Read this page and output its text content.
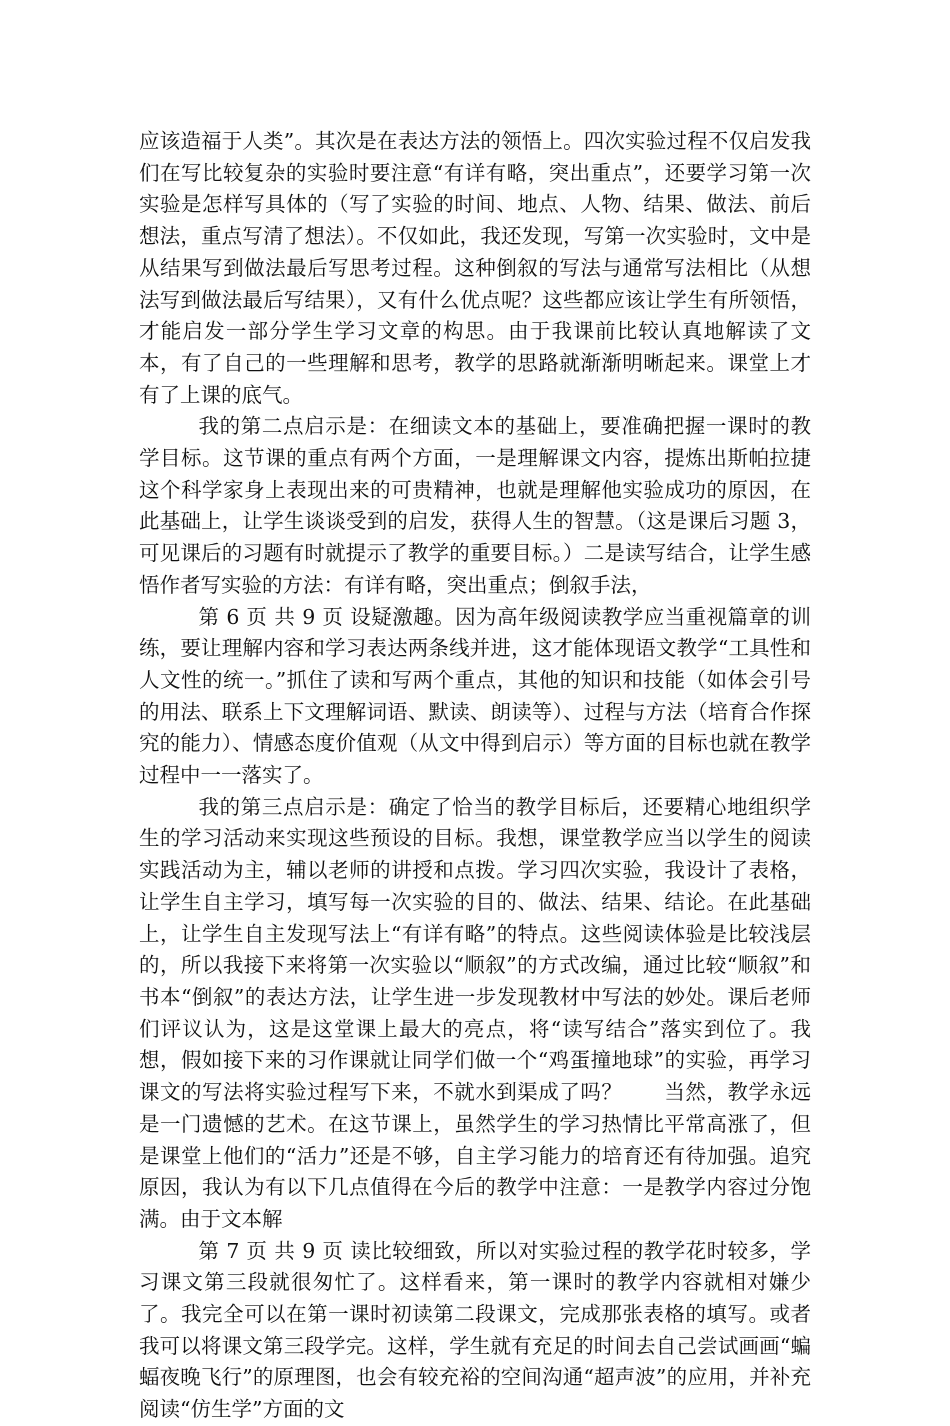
应该造福于人类”。其次是在表达方法的领悟上。四次实验过程不仅启发我们在写比较复杂的实验时要注意“有详有略，突出重点”，还要学习第一次实验是怎样写具体的（写了实验的时间、地点、人物、结果、做法、前后想法，重点写清了想法）。不仅如此，我还发现，写第一次实验时，文中是从结果写到做法最后写思考过程。这种倒叙的写法与通常写法相比（从想法写到做法最后写结果），又有什么优点呢？这些都应该让学生有所领悟，才能启发一部分学生学习文章的构思。由于我课前比较认真地解读了文本，有了自己的一些理解和思考，教学的思路就渐渐明晰起来。课堂上才有了上课的底气。

我的第二点启示是：在细读文本的基础上，要准确把握一课时的教学目标。这节课的重点有两个方面，一是理解课文内容，提炼出斯帕拉捷这个科学家身上表现出来的可贵精神，也就是理解他实验成功的原因，在此基础上，让学生谈谈受到的启发，获得人生的智慧。（这是课后习题 3，可见课后的习题有时就提示了教学的重要目标。）二是读写结合，让学生感悟作者写实验的方法：有详有略，突出重点；倒叙手法，

第 6 页 共 9 页 设疑激趣。因为高年级阅读教学应当重视篇章的训练，要让理解内容和学习表达两条线并进，这才能体现语文教学“工具性和人文性的统一。”抓住了读和写两个重点，其他的知识和技能（如体会引号的用法、联系上下文理解词语、默读、朗读等）、过程与方法（培育合作探究的能力）、情感态度价值观（从文中得到启示）等方面的目标也就在教学过程中一一落实了。

我的第三点启示是：确定了恰当的教学目标后，还要精心地组织学生的学习活动来实现这些预设的目标。我想，课堂教学应当以学生的阅读实践活动为主，辅以老师的讲授和点拨。学习四次实验，我设计了表格，让学生自主学习，填写每一次实验的目的、做法、结果、结论。在此基础上，让学生自主发现写法上“有详有略”的特点。这些阅读体验是比较浅层的，所以我接下来将第一次实验以“顺叙”的方式改编，通过比较“顺叙”和书本“倒叙”的表达方法，让学生进一步发现教材中写法的妙处。课后老师们评议认为，这是这堂课上最大的亮点，将“读写结合”落实到位了。我想，假如接下来的习作课就让同学们做一个“鸡蛋撞地球”的实验，再学习课文的写法将实验过程写下来，不就水到渠成了吗？　　当然，教学永远是一门遗憾的艺术。在这节课上，虽然学生的学习热情比平常高涨了，但是课堂上他们的“活力”还是不够，自主学习能力的培育还有待加强。追究原因，我认为有以下几点值得在今后的教学中注意：一是教学内容过分饱满。由于文本解

第 7 页 共 9 页 读比较细致，所以对实验过程的教学花时较多，学习课文第三段就很匆忙了。这样看来，第一课时的教学内容就相对嫌少了。我完全可以在第一课时初读第二段课文，完成那张表格的填写。或者我可以将课文第三段学完。这样，学生就有充足的时间去自己尝试画画“蝙蝠夜晚飞行”的原理图，也会有较充裕的空间沟通“超声波”的应用，并补充阅读“仿生学”方面的文
